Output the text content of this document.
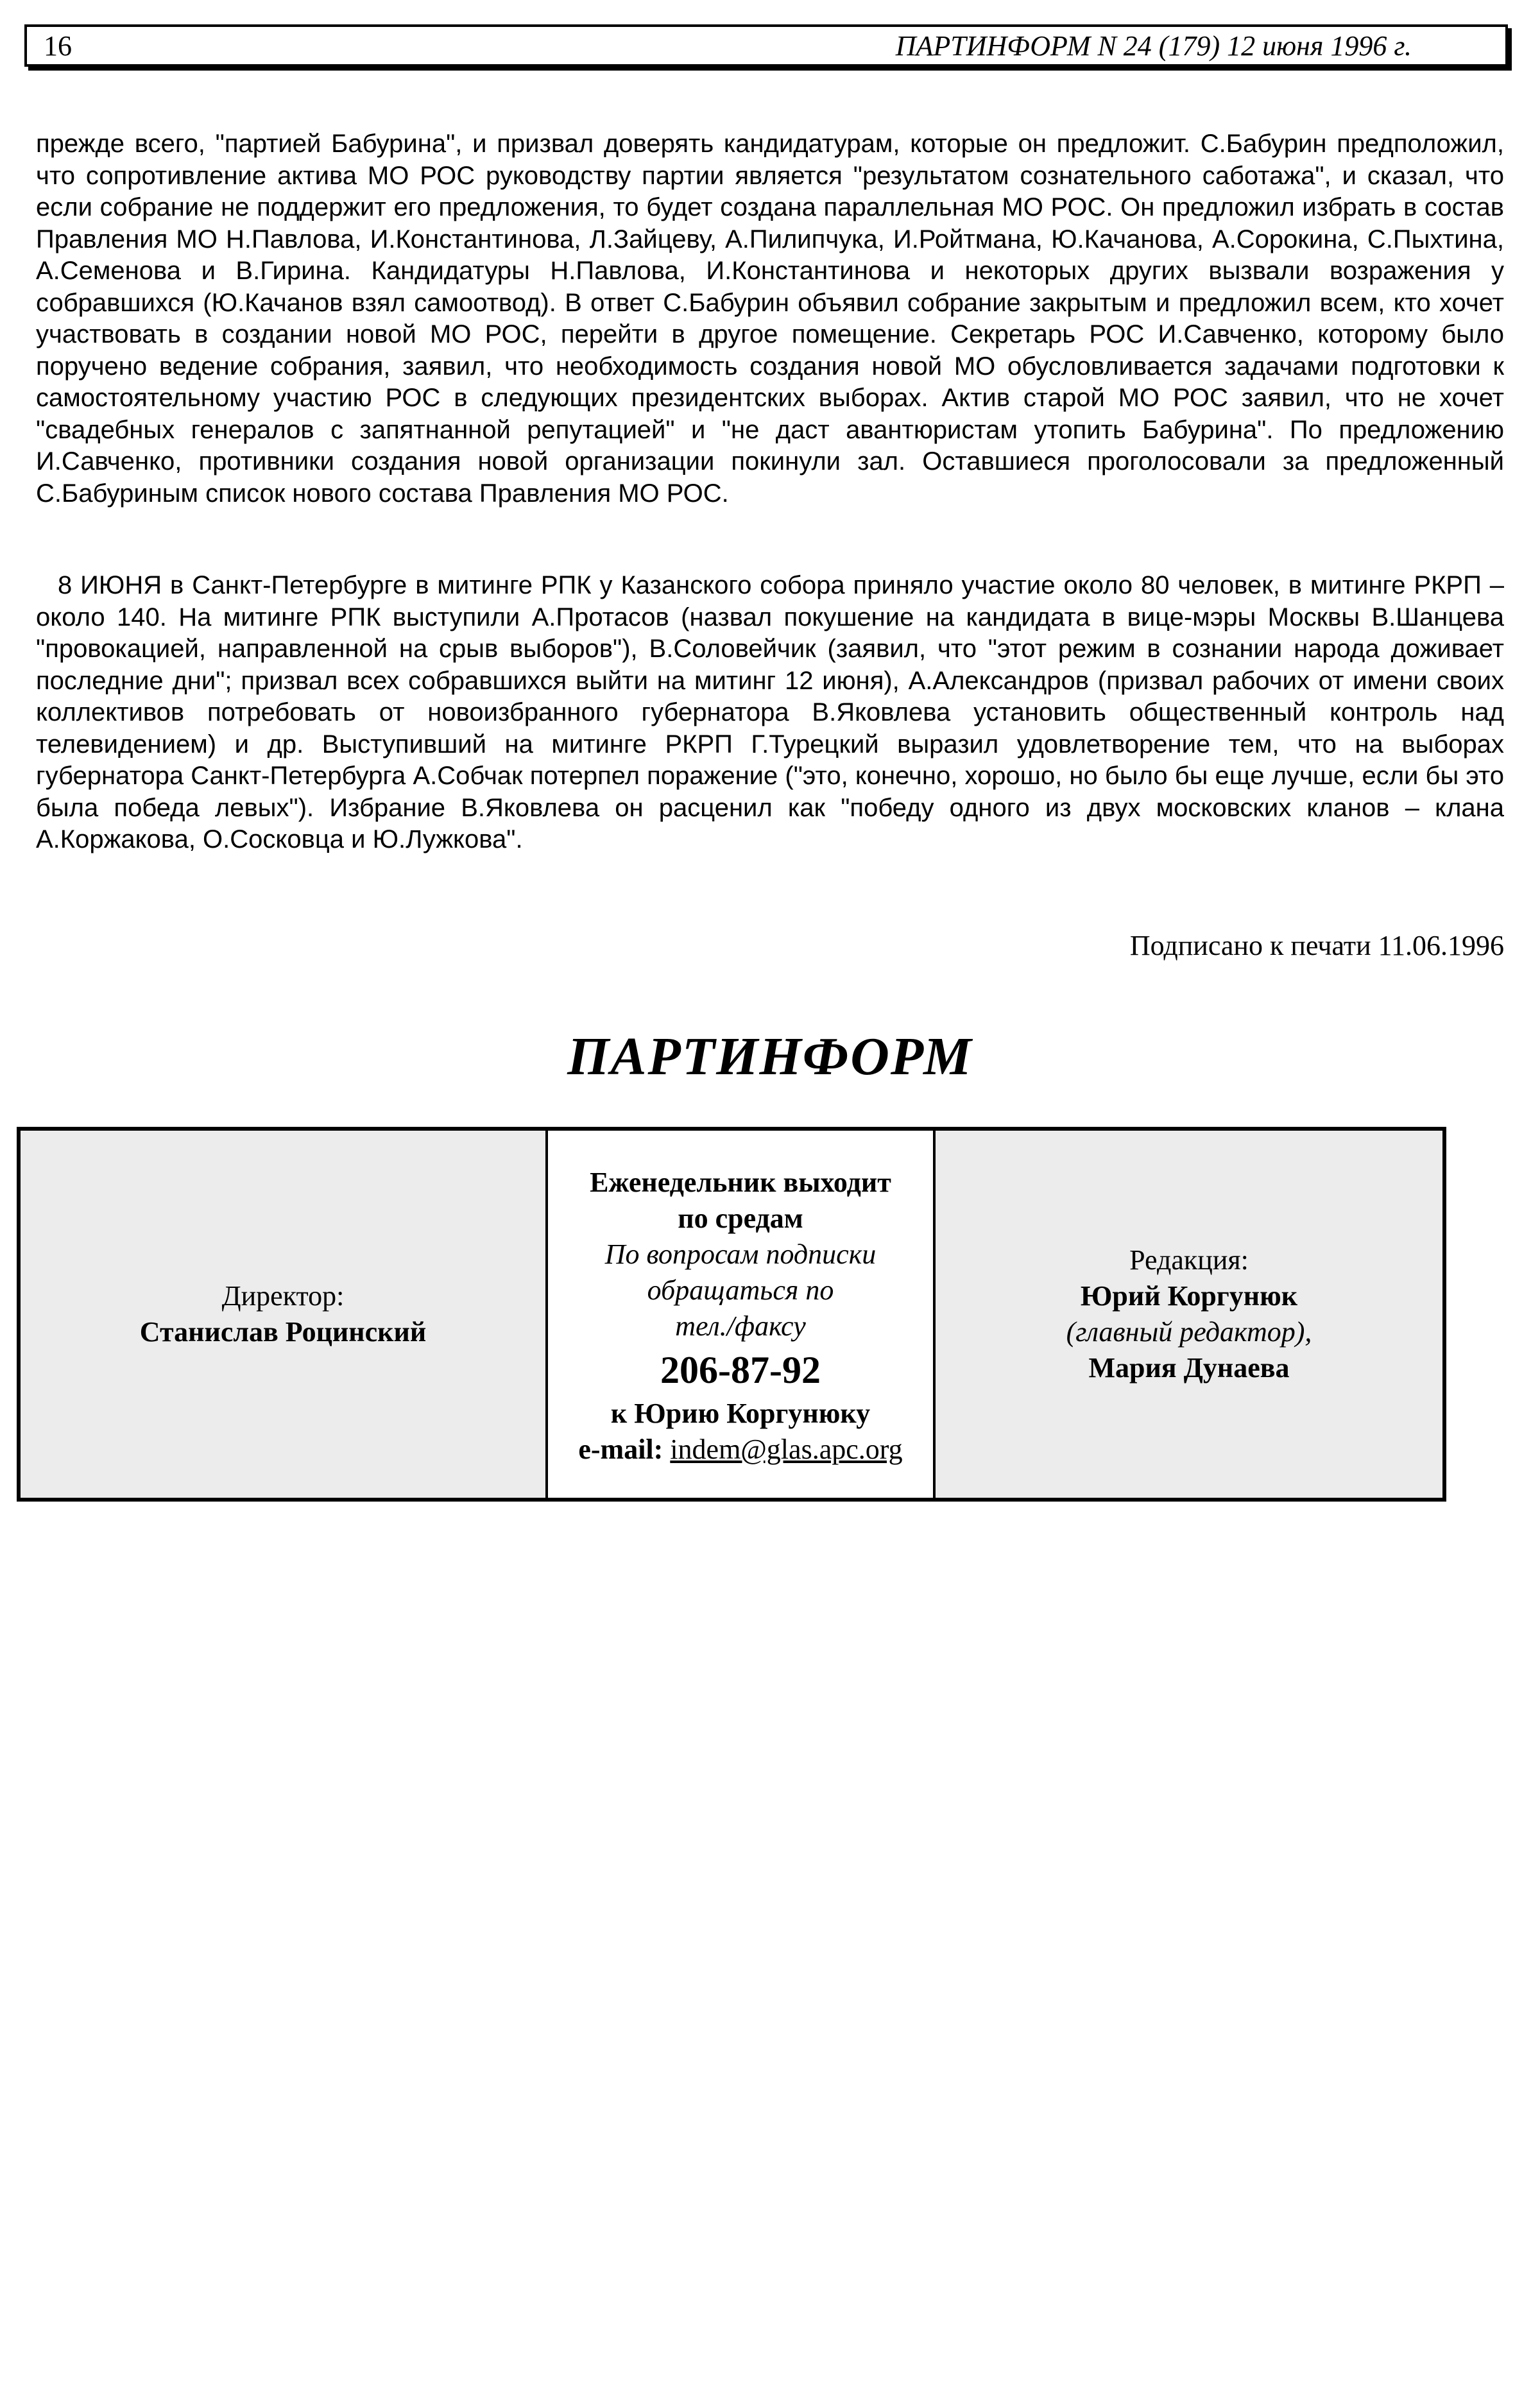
16	ПАРТИНФОРМ N 24 (179) 12 июня 1996 г.
прежде всего, "партией Бабурина", и призвал доверять кандидатурам, которые он предложит. С.Бабурин предположил, что сопротивление актива МО РОС руководству партии является "результатом сознательного саботажа", и сказал, что если собрание не поддержит его предложения, то будет создана параллельная МО РОС. Он предложил избрать в состав Правления МО Н.Павлова, И.Константинова, Л.Зайцеву, А.Пилипчука, И.Ройтмана, Ю.Качанова, А.Сорокина, С.Пыхтина, А.Семенова и В.Гирина. Кандидатуры Н.Павлова, И.Константинова и некоторых других вызвали возражения у собравшихся (Ю.Качанов взял самоотвод). В ответ С.Бабурин объявил собрание закрытым и предложил всем, кто хочет участвовать в создании новой МО РОС, перейти в другое помещение. Секретарь РОС И.Савченко, которому было поручено ведение собрания, заявил, что необходимость создания новой МО обусловливается задачами подготовки к самостоятельному участию РОС в следующих президентских выборах. Актив старой МО РОС заявил, что не хочет "свадебных генералов с запятнанной репутацией" и "не даст авантюристам утопить Бабурина". По предложению И.Савченко, противники создания новой организации покинули зал. Оставшиеся проголосовали за предложенный С.Бабуриным список нового состава Правления МО РОС.
8 ИЮНЯ в Санкт-Петербурге в митинге РПК у Казанского собора приняло участие около 80 человек, в митинге РКРП – около 140. На митинге РПК выступили А.Протасов (назвал покушение на кандидата в вице-мэры Москвы В.Шанцева "провокацией, направленной на срыв выборов"), В.Соловейчик (заявил, что "этот режим в сознании народа доживает последние дни"; призвал всех собравшихся выйти на митинг 12 июня), А.Александров (призвал рабочих от имени своих коллективов потребовать от новоизбранного губернатора В.Яковлева установить общественный контроль над телевидением) и др. Выступивший на митинге РКРП Г.Турецкий выразил удовлетворение тем, что на выборах губернатора Санкт-Петербурга А.Собчак потерпел поражение ("это, конечно, хорошо, но было бы еще лучше, если бы это была победа левых"). Избрание В.Яковлева он расценил как "победу одного из двух московских кланов – клана А.Коржакова, О.Сосковца и Ю.Лужкова".
Подписано к печати 11.06.1996
ПАРТИНФОРМ
Директор:
Станислав Роцинский
Еженедельник выходит
по средам
По вопросам подписки
обращаться по
тел./факсу
206-87-92
к Юрию Коргунюку
e-mail: indem@glas.apc.org
Редакция:
Юрий Коргунюк
(главный редактор),
Мария Дунаева
